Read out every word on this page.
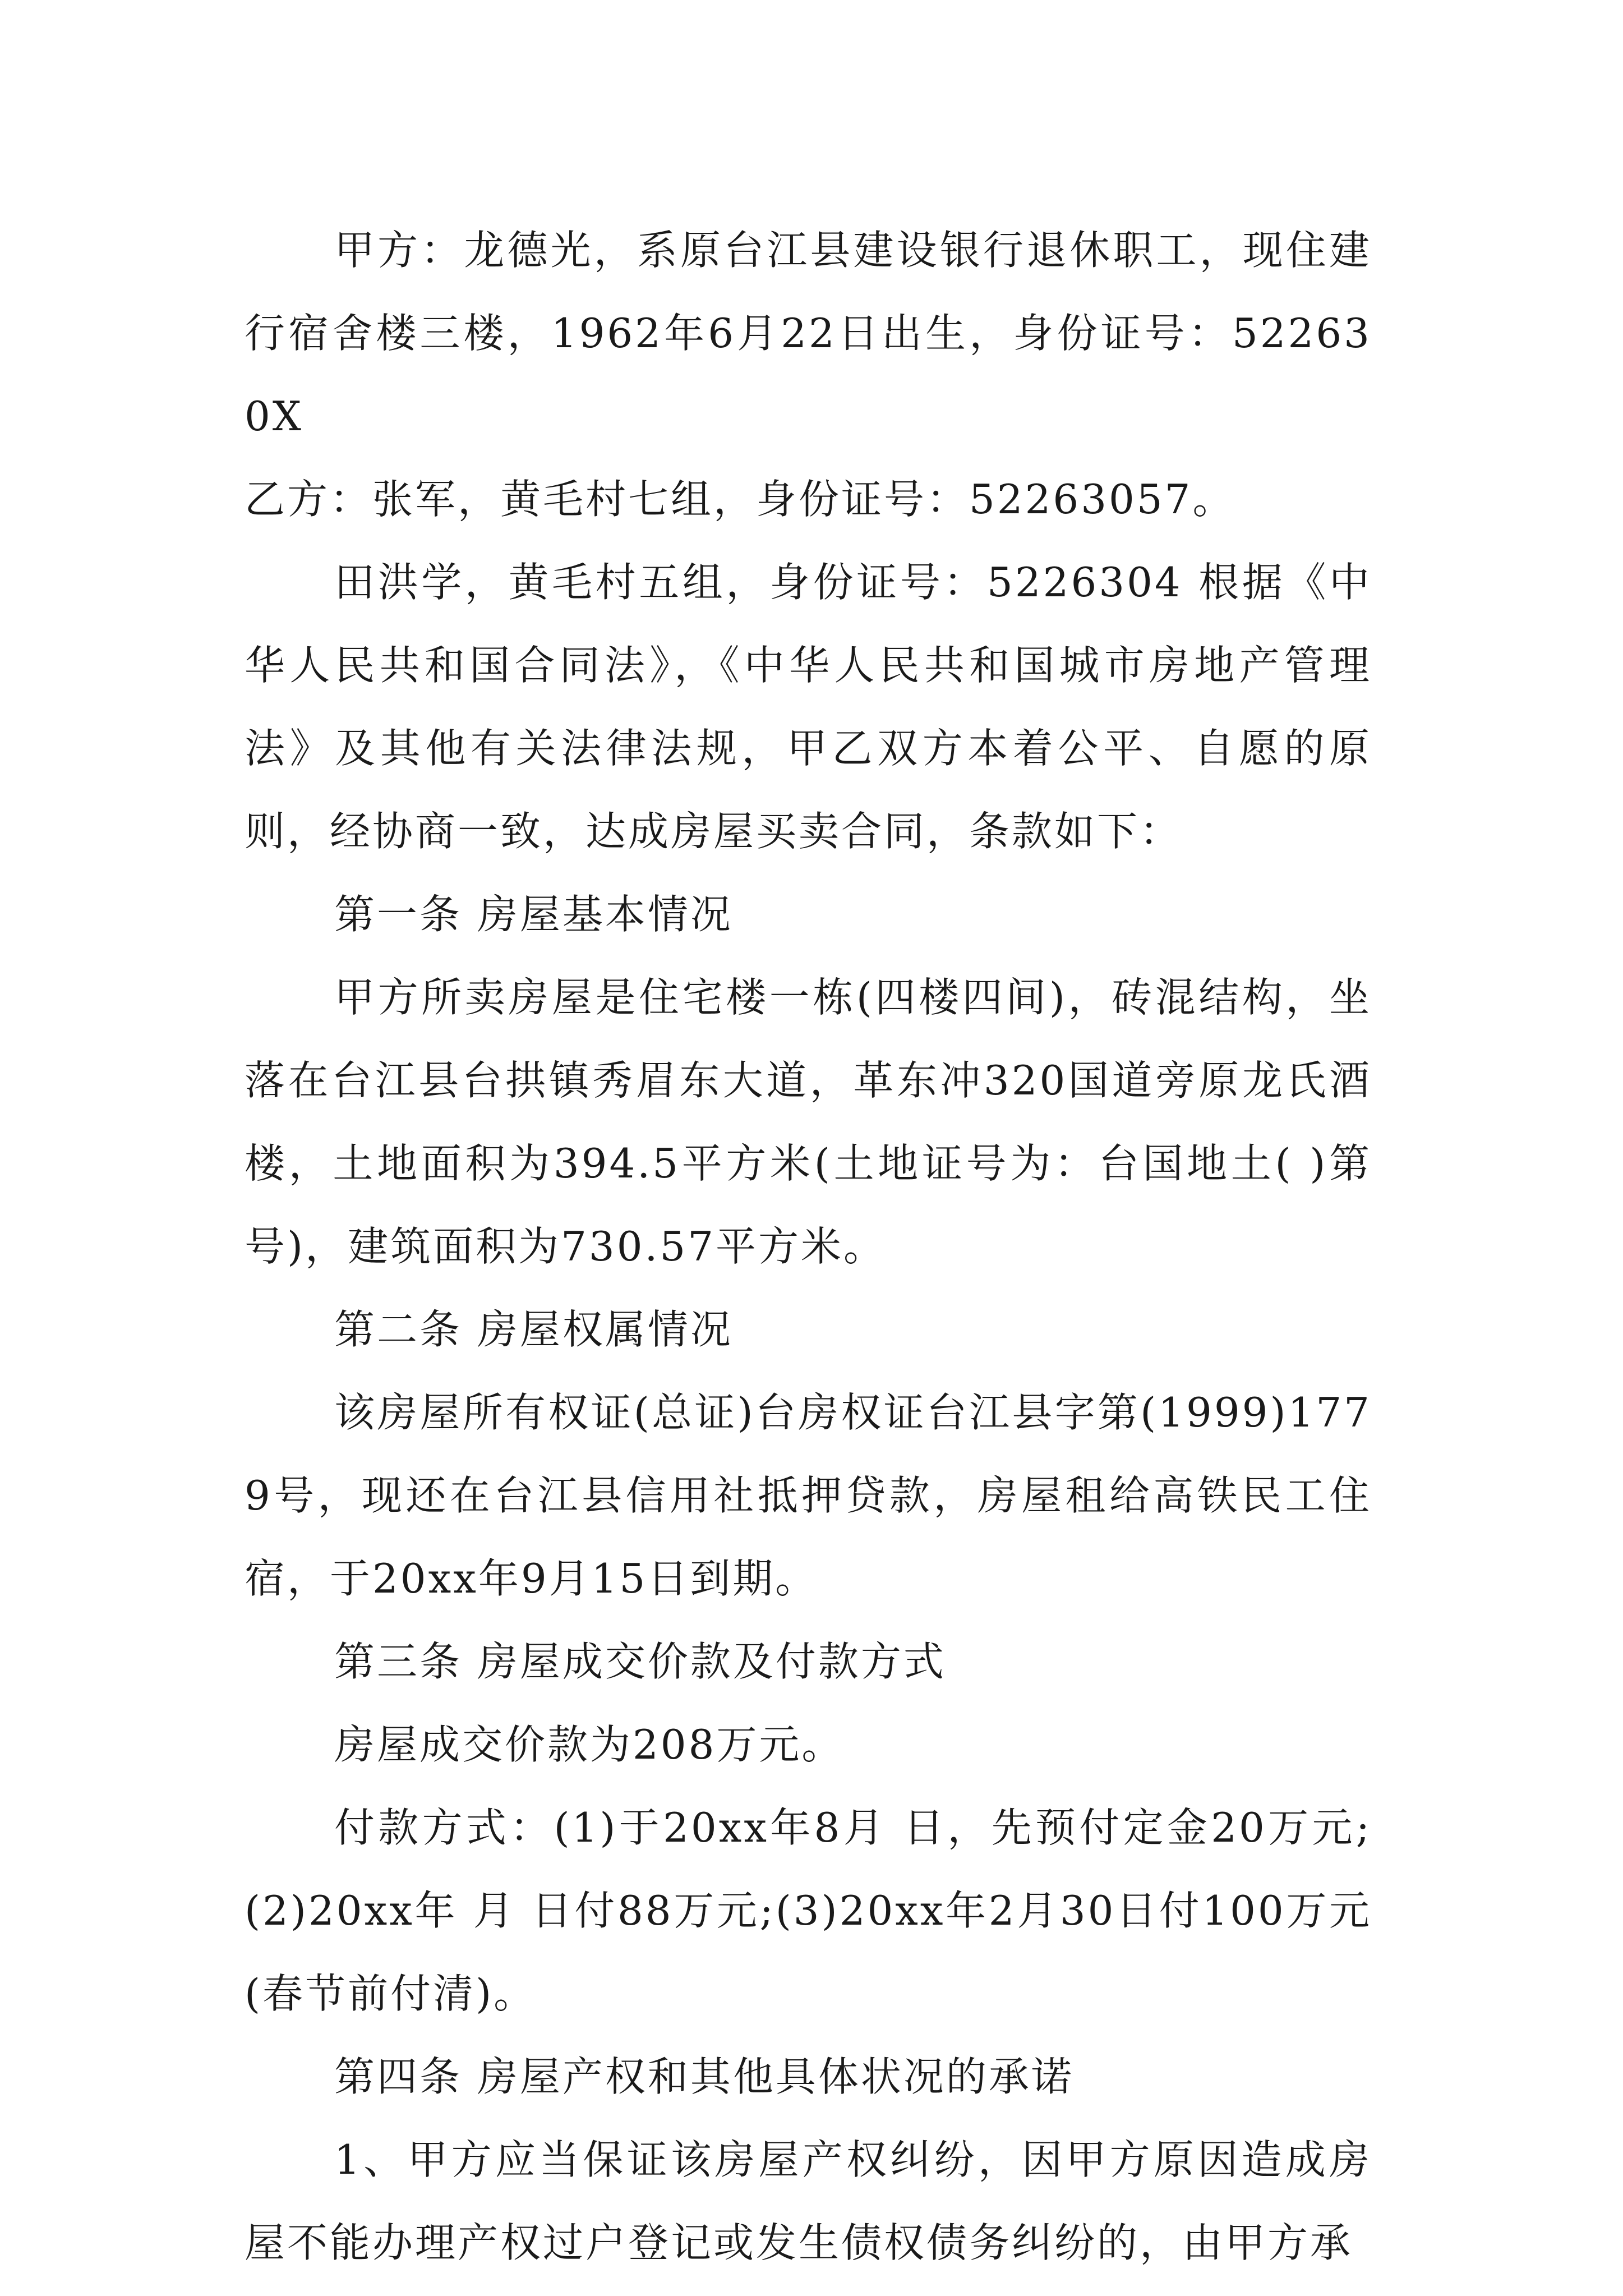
甲方：龙德光，系原台江县建设银行退休职工，现住建行宿舍楼三楼，1962年6月22日出生，身份证号：522630X

乙方：张军，黄毛村七组，身份证号：52263057。

田洪学，黄毛村五组，身份证号：5226304 根据《中华人民共和国合同法》，《中华人民共和国城市房地产管理法》及其他有关法律法规，甲乙双方本着公平、自愿的原则，经协商一致，达成房屋买卖合同，条款如下：

第一条 房屋基本情况

甲方所卖房屋是住宅楼一栋(四楼四间)，砖混结构，坐落在台江县台拱镇秀眉东大道，革东冲320国道旁原龙氏酒楼，土地面积为394.5平方米(土地证号为：台国地土( )第号)，建筑面积为730.57平方米。

第二条 房屋权属情况

该房屋所有权证(总证)台房权证台江县字第(1999)1779号，现还在台江县信用社抵押贷款，房屋租给高铁民工住宿，于20xx年9月15日到期。

第三条 房屋成交价款及付款方式

房屋成交价款为208万元。

付款方式：(1)于20xx年8月 日，先预付定金20万元;(2)20xx年 月 日付88万元;(3)20xx年2月30日付100万元(春节前付清)。

第四条 房屋产权和其他具体状况的承诺

1、甲方应当保证该房屋产权纠纷，因甲方原因造成房屋不能办理产权过户登记或发生债权债务纠纷的，由甲方承
